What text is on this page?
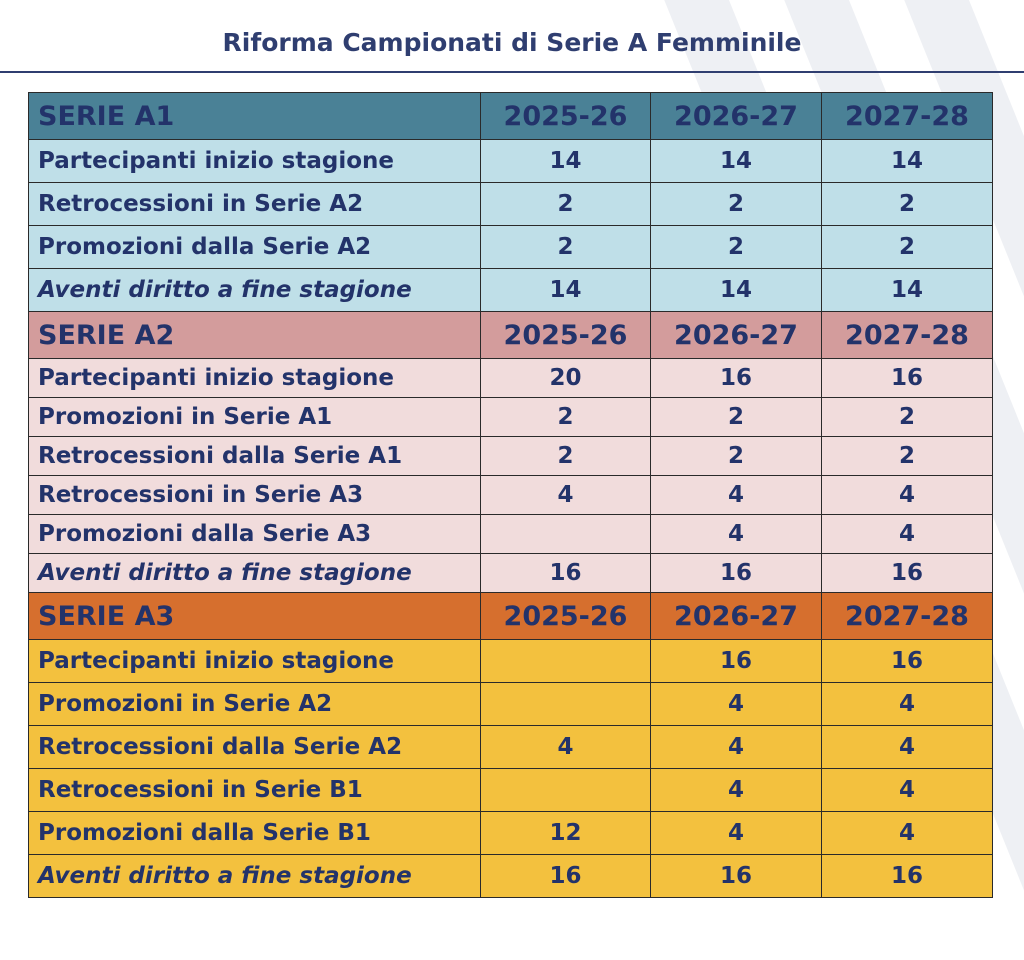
Riforma Campionati di Serie A Femminile
SERIE A1	2025-26	2026-27	2027-28
Partecipanti inizio stagione	14	14	14
Retrocessioni in Serie A2	2	2	2
Promozioni dalla Serie A2	2	2	2
Aventi diritto a fine stagione	14	14	14
SERIE A2	2025-26	2026-27	2027-28
Partecipanti inizio stagione	20	16	16
Promozioni in Serie A1	2	2	2
Retrocessioni dalla Serie A1	2	2	2
Retrocessioni in Serie A3	4	4	4
Promozioni dalla Serie A3		4	4
Aventi diritto a fine stagione	16	16	16
SERIE A3	2025-26	2026-27	2027-28
Partecipanti inizio stagione		16	16
Promozioni in Serie A2		4	4
Retrocessioni dalla Serie A2	4	4	4
Retrocessioni in Serie B1		4	4
Promozioni dalla Serie B1	12	4	4
Aventi diritto a fine stagione	16	16	16
